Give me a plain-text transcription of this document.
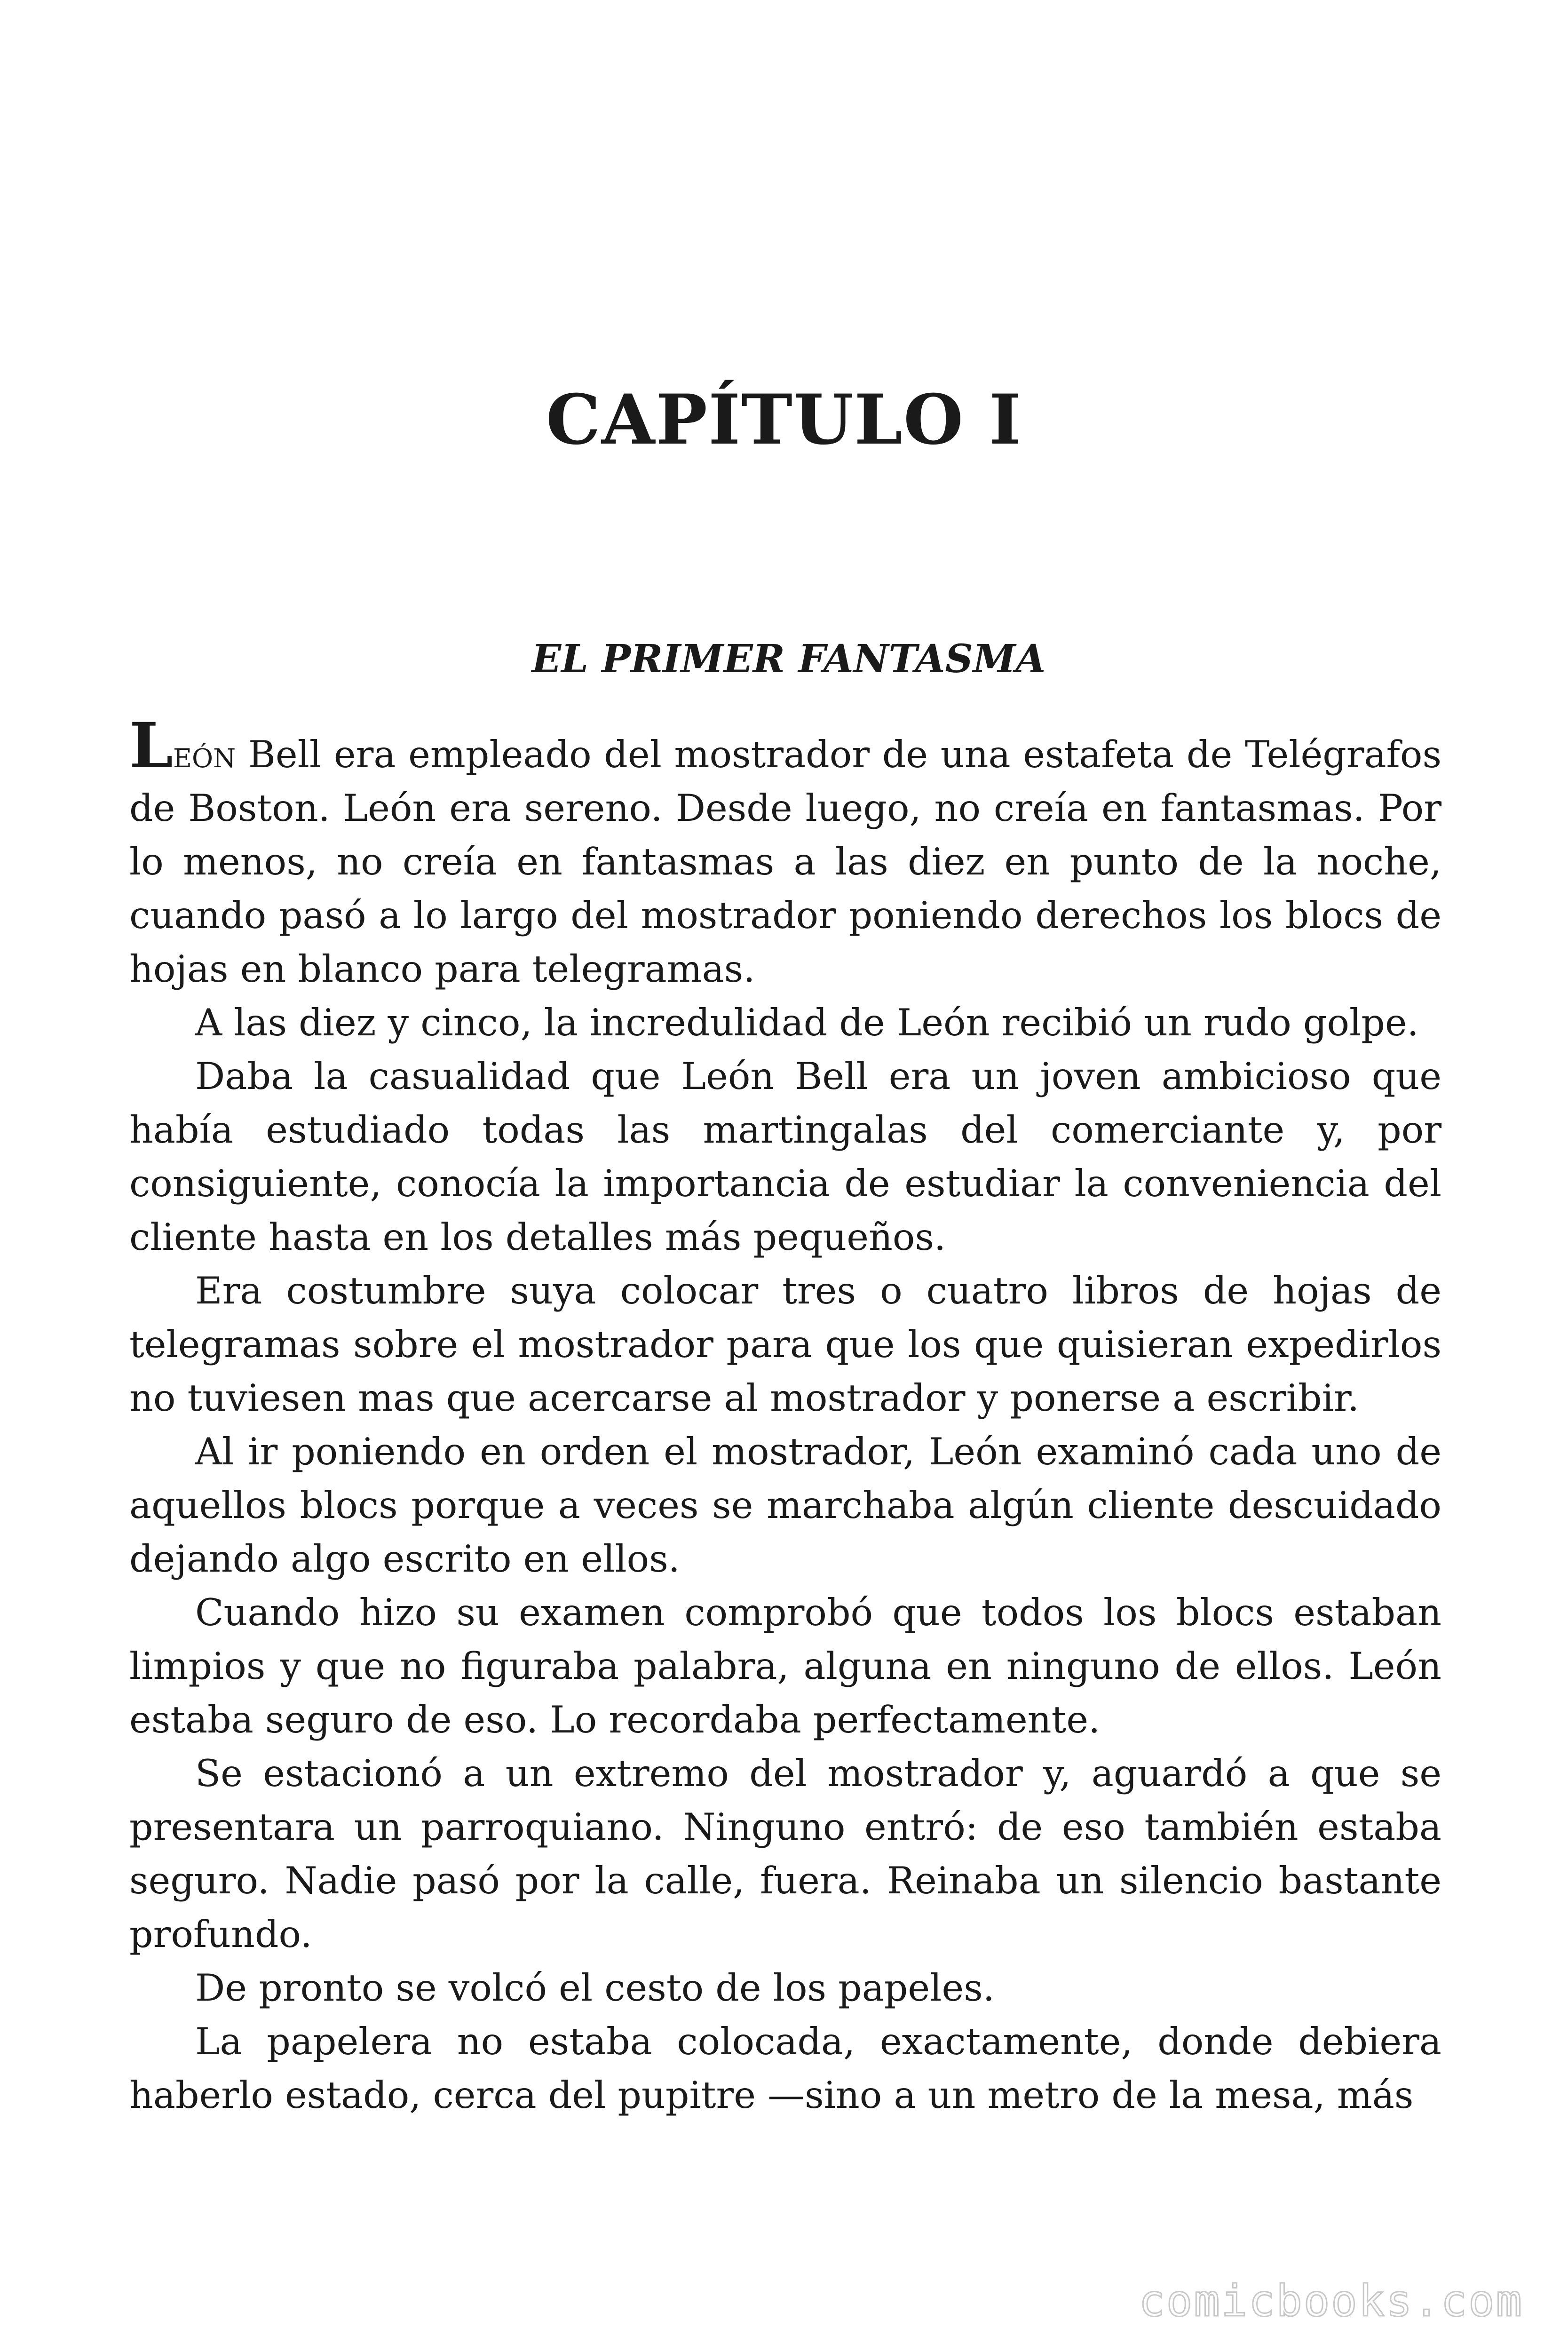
CAPÍTULO I
EL PRIMER FANTASMA

León Bell era empleado del mostrador de una estafeta de Telégrafos de Boston. León era sereno. Desde luego, no creía en fantasmas. Por lo menos, no creía en fantasmas a las diez en punto de la noche, cuando pasó a lo largo del mostrador poniendo derechos los blocs de hojas en blanco para telegramas.

A las diez y cinco, la incredulidad de León recibió un rudo golpe.

Daba la casualidad que León Bell era un joven ambicioso que había estudiado todas las martingalas del comerciante y, por consiguiente, conocía la importancia de estudiar la conveniencia del cliente hasta en los detalles más pequeños.

Era costumbre suya colocar tres o cuatro libros de hojas de telegramas sobre el mostrador para que los que quisieran expedirlos no tuviesen mas que acercarse al mostrador y ponerse a escribir.

Al ir poniendo en orden el mostrador, León examinó cada uno de aquellos blocs porque a veces se marchaba algún cliente descuidado dejando algo escrito en ellos.

Cuando hizo su examen comprobó que todos los blocs estaban limpios y que no figuraba palabra, alguna en ninguno de ellos. León estaba seguro de eso. Lo recordaba perfectamente.

Se estacionó a un extremo del mostrador y, aguardó a que se presentara un parroquiano. Ninguno entró: de eso también estaba seguro. Nadie pasó por la calle, fuera. Reinaba un silencio bastante profundo.

De pronto se volcó el cesto de los papeles.

La papelera no estaba colocada, exactamente, donde debiera haberlo estado, cerca del pupitre —sino a un metro de la mesa, más

comicbooks.com
